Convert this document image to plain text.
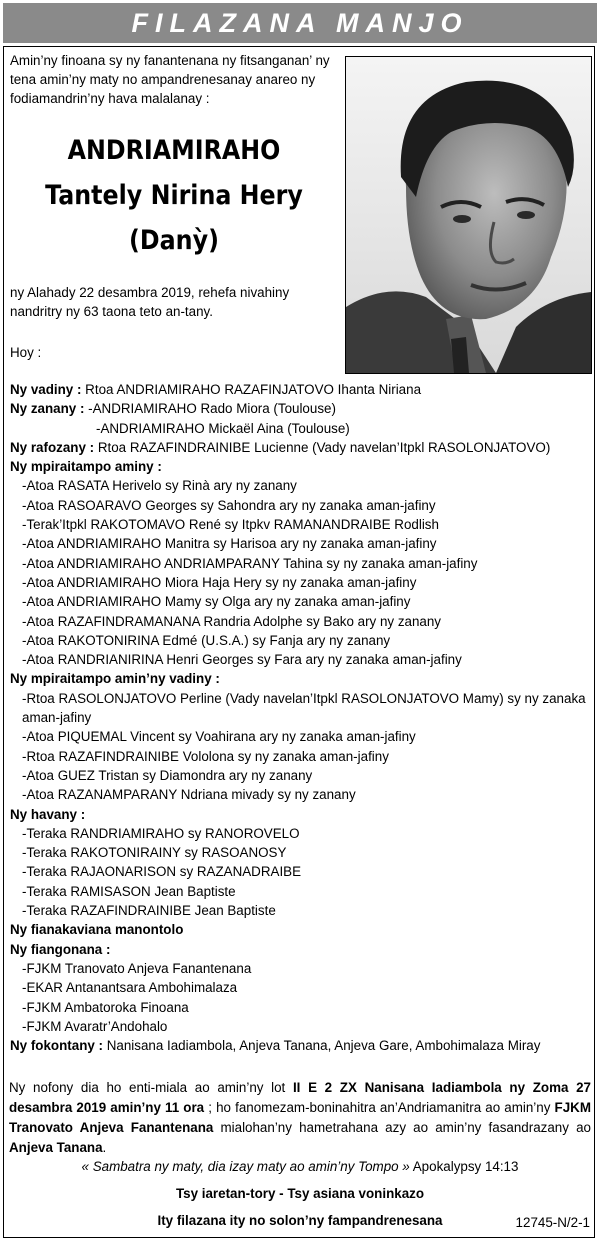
FILAZANA MANJO
Amin’ny finoana sy ny fanantenana ny fitsanganan’ ny tena amin’ny maty no ampandrenesanay anareo ny fodiamandrin’ny hava malalanay :
ANDRIAMIRAHO
Tantely Nirina Hery
(Danỳ)
ny Alahady 22 desambra 2019, rehefa nivahiny nandritry ny 63 taona teto an-tany.
Hoy :
Ny vadiny : Rtoa ANDRIAMIRAHO RAZAFINJATOVO Ihanta Niriana
Ny zanany : -ANDRIAMIRAHO Rado Miora (Toulouse)
-ANDRIAMIRAHO Mickaël Aina (Toulouse)
Ny rafozany : Rtoa RAZAFINDRAINIBE Lucienne (Vady navelan’Itpkl RASOLONJATOVO)
Ny mpiraitampo aminy :
-Atoa RASATA Herivelo sy Rinà ary ny zanany
-Atoa RASOARAVO Georges sy Sahondra ary ny zanaka aman-jafiny
-Terak’Itpkl RAKOTOMAVO René sy Itpkv RAMANANDRAIBE Rodlish
-Atoa ANDRIAMIRAHO Manitra sy Harisoa ary ny zanaka aman-jafiny
-Atoa ANDRIAMIRAHO ANDRIAMPARANY Tahina sy ny zanaka aman-jafiny
-Atoa ANDRIAMIRAHO Miora Haja Hery sy ny zanaka aman-jafiny
-Atoa ANDRIAMIRAHO Mamy sy Olga ary ny zanaka aman-jafiny
-Atoa RAZAFINDRAMANANA Randria Adolphe sy Bako ary ny zanany
-Atoa RAKOTONIRINA Edmé (U.S.A.) sy Fanja ary ny zanany
-Atoa RANDRIANIRINA Henri Georges sy Fara ary ny zanaka aman-jafiny
Ny mpiraitampo amin’ny vadiny :
-Rtoa RASOLONJATOVO Perline (Vady navelan’Itpkl RASOLONJATOVO Mamy) sy ny zanaka aman-jafiny
-Atoa PIQUEMAL Vincent sy Voahirana ary ny zanaka aman-jafiny
-Rtoa RAZAFINDRAINIBE Vololona sy ny zanaka aman-jafiny
-Atoa GUEZ Tristan sy Diamondra ary ny zanany
-Atoa RAZANAMPARANY Ndriana mivady sy ny zanany
Ny havany :
-Teraka RANDRIAMIRAHO sy RANOROVELO
-Teraka RAKOTONIRAINY sy RASOANOSY
-Teraka RAJAONARISON sy RAZANADRAIBE
-Teraka RAMISASON Jean Baptiste
-Teraka RAZAFINDRAINIBE Jean Baptiste
Ny fianakaviana manontolo
Ny fiangonana :
-FJKM Tranovato Anjeva Fanantenana
-EKAR Antanantsara Ambohimalaza
-FJKM Ambatoroka Finoana
-FJKM Avaratr’Andohalo
Ny fokontany : Nanisana Iadiambola, Anjeva Tanana, Anjeva Gare, Ambohimalaza Miray
Ny nofony dia ho enti-miala ao amin’ny lot II E 2 ZX Nanisana Iadiambola ny Zoma 27 desambra 2019 amin’ny 11 ora ; ho fanomezam-boninahitra an’Andriamanitra ao amin’ny FJKM Tranovato Anjeva Fanantenana mialohan’ny hametrahana azy ao amin’ny fasandrazany ao Anjeva Tanana.
« Sambatra ny maty, dia izay maty ao amin’ny Tompo » Apokalypsy 14:13
Tsy iaretan-tory - Tsy asiana voninkazo
Ity filazana ity no solon’ny fampandrenesana	12745-N/2-1
